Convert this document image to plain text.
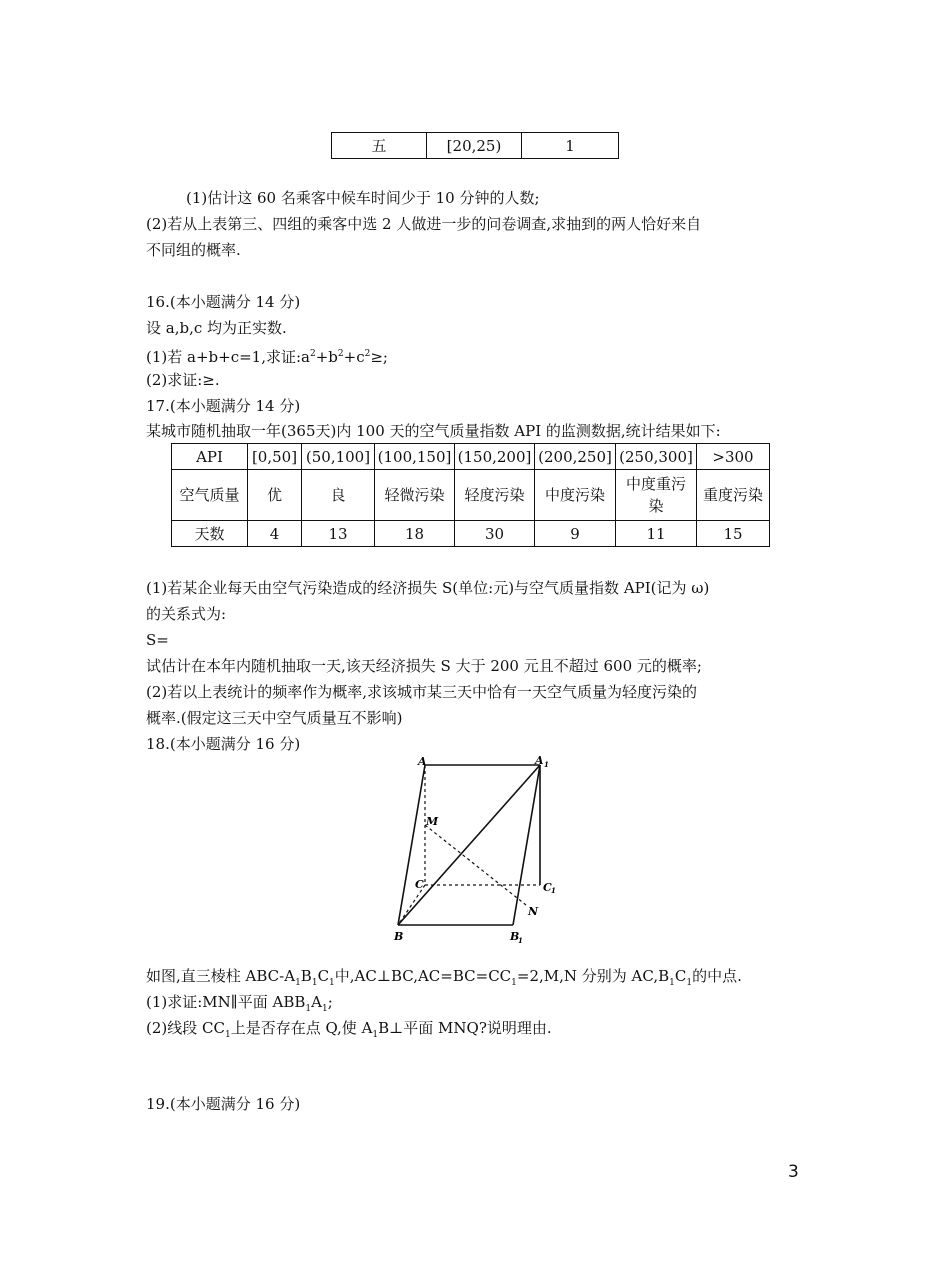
五	[20,25)	1
(1)估计这 60 名乘客中候车时间少于 10 分钟的人数;
(2)若从上表第三、四组的乘客中选 2 人做进一步的问卷调查,求抽到的两人恰好来自
不同组的概率.
16.(本小题满分 14 分)
设 a,b,c 均为正实数.
(1)若 a+b+c=1,求证$:a^2+b^2+c^2\ge$;
(2)求证:≥.
17.(本小题满分 14 分)
某城市随机抽取一年(365天)内 100 天的空气质量指数 API 的监测数据,统计结果如下:
API	[0,50]	(50,100]	(100,150]	(150,200]	(200,250]	(250,300]	>300
空气质量	优	良	轻微污染	轻度污染	中度污染	中度重污染	重度污染
天数	4	13	18	30	9	11	15
(1)若某企业每天由空气污染造成的经济损失 S(单位:元)与空气质量指数 API(记为 ω)
的关系式为:
S=
试估计在本年内随机抽取一天,该天经济损失 S 大于 200 元且不超过 600 元的概率;
(2)若以上表统计的频率作为概率,求该城市某三天中恰有一天空气质量为轻度污染的
概率.(假定这三天中空气质量互不影响)
18.(本小题满分 16 分)
A	A 1
M
C	C 1
N
B	B
1
如图,直三棱柱 ABC-$A_1B_1C_1$中$,AC\perp BC,AC=BC=CC_1=2,M,N$ 分别为 $AC,B_1C_1$的中点.
(1)求证:MN∥平面 $ABB_1A_1$;
(2)线段 $CC_1$上是否存在点 Q,使 $A_1B\perp$平面 MNQ?说明理由.
19.(本小题满分 16 分)
3
